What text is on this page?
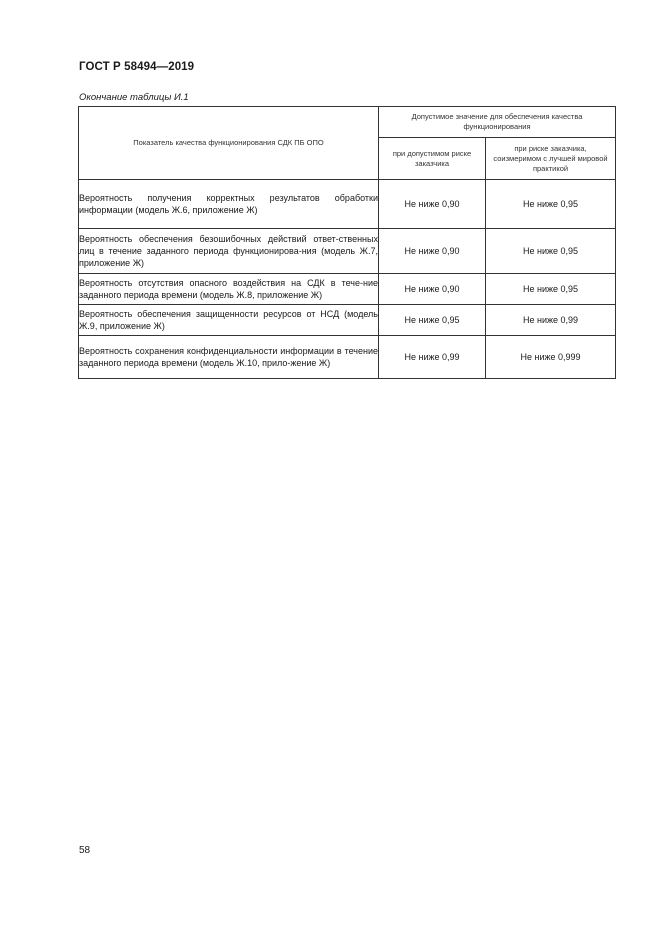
ГОСТ Р 58494—2019
Окончание таблицы И.1
Показатель качества функционирования СДК ПБ ОПО	Допустимое значение для обеспечения качества функционирования	

	при допустимом риске заказчика	при риске заказчика, соизмеримом с лучшей мировой практикой

Вероятность получения корректных результатов обработки информации (модель Ж.6, приложение Ж)	Не ниже 0,90	Не ниже 0,95
Вероятность обеспечения безошибочных действий ответ-ственных лиц в течение заданного периода функционирова-ния (модель Ж.7, приложение Ж)	Не ниже 0,90	Не ниже 0,95
Вероятность отсутствия опасного воздействия на СДК в тече-ние заданного периода времени (модель Ж.8, приложение Ж)	Не ниже 0,90	Не ниже 0,95
Вероятность обеспечения защищенности ресурсов от НСД (модель Ж.9, приложение Ж)	Не ниже 0,95	Не ниже 0,99
Вероятность сохранения конфиденциальности информации в течение заданного периода времени (модель Ж.10, прило-жение Ж)	Не ниже 0,99	Не ниже 0,999
58
